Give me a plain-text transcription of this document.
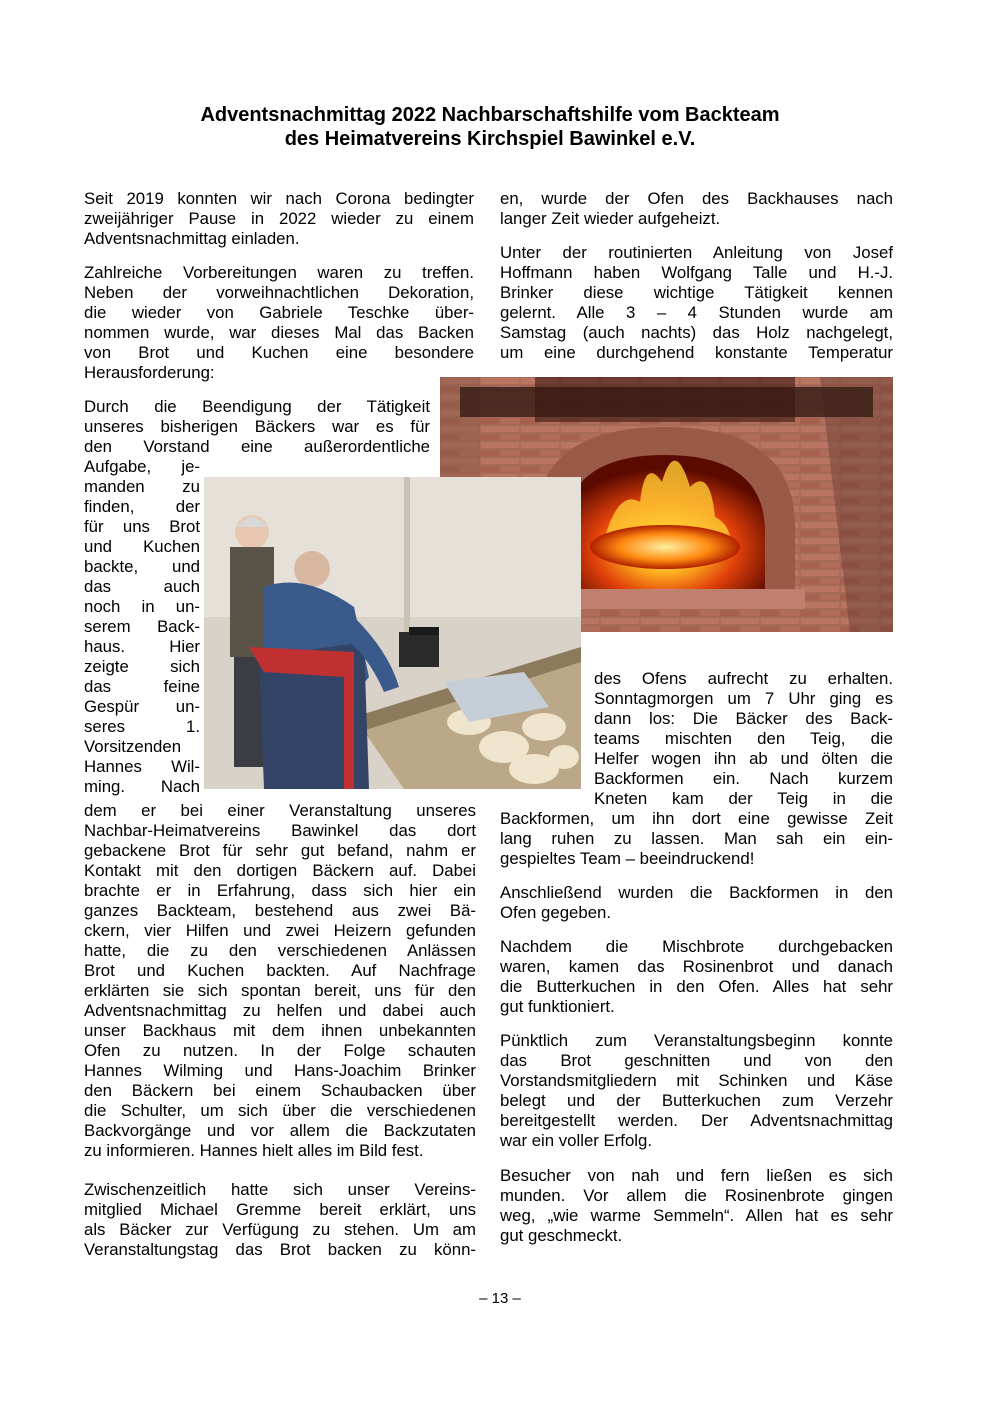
Adventsnachmittag 2022 Nachbarschaftshilfe vom Backteam
des Heimatvereins Kirchspiel Bawinkel e.V.
Seit 2019 konnten wir nach Corona bedingter
zweijähriger Pause in 2022 wieder zu einem
Adventsnachmittag einladen.
Zahlreiche Vorbereitungen waren zu treffen.
Neben der vorweihnachtlichen Dekoration,
die wieder von Gabriele Teschke über-
nommen wurde, war dieses Mal das Backen
von Brot und Kuchen eine besondere
Herausforderung:
Durch die Beendigung der Tätigkeit
unseres bisherigen Bäckers war es für
den Vorstand eine außerordentliche
Aufgabe, je-
manden zu
finden, der
für uns Brot
und Kuchen
backte, und
das auch
noch in un-
serem Back-
haus. Hier
zeigte sich
das feine
Gespür un-
seres 1.
Vorsitzenden
Hannes Wil-
ming. Nach
dem er bei einer Veranstaltung unseres
Nachbar-Heimatvereins Bawinkel das dort
gebackene Brot für sehr gut befand, nahm er
Kontakt mit den dortigen Bäckern auf. Dabei
brachte er in Erfahrung, dass sich hier ein
ganzes Backteam, bestehend aus zwei Bä-
ckern, vier Hilfen und zwei Heizern gefunden
hatte, die zu den verschiedenen Anlässen
Brot und Kuchen backten. Auf Nachfrage
erklärten sie sich spontan bereit, uns für den
Adventsnachmittag zu helfen und dabei auch
unser Backhaus mit dem ihnen unbekannten
Ofen zu nutzen. In der Folge schauten
Hannes Wilming und Hans-Joachim Brinker
den Bäckern bei einem Schaubacken über
die Schulter, um sich über die verschiedenen
Backvorgänge und vor allem die Backzutaten
zu informieren. Hannes hielt alles im Bild fest.
Zwischenzeitlich hatte sich unser Vereins-
mitglied Michael Gremme bereit erklärt, uns
als Bäcker zur Verfügung zu stehen. Um am
Veranstaltungstag das Brot backen zu könn-
en, wurde der Ofen des Backhauses nach
langer Zeit wieder aufgeheizt.
Unter der routinierten Anleitung von Josef
Hoffmann haben Wolfgang Talle und H.-J.
Brinker diese wichtige Tätigkeit kennen
gelernt. Alle 3 – 4 Stunden wurde am
Samstag (auch nachts) das Holz nachgelegt,
um eine durchgehend konstante Temperatur
des Ofens aufrecht zu erhalten.
Sonntagmorgen um 7 Uhr ging es
dann los: Die Bäcker des Back-
teams mischten den Teig, die
Helfer wogen ihn ab und ölten die
Backformen ein. Nach kurzem
Kneten kam der Teig in die
Backformen, um ihn dort eine gewisse Zeit
lang ruhen zu lassen. Man sah ein ein-
gespieltes Team – beeindruckend!
Anschließend wurden die Backformen in den
Ofen gegeben.
Nachdem die Mischbrote durchgebacken
waren, kamen das Rosinenbrot und danach
die Butterkuchen in den Ofen. Alles hat sehr
gut funktioniert.
Pünktlich zum Veranstaltungsbeginn konnte
das Brot geschnitten und von den
Vorstandsmitgliedern mit Schinken und Käse
belegt und der Butterkuchen zum Verzehr
bereitgestellt werden. Der Adventsnachmittag
war ein voller Erfolg.
Besucher von nah und fern ließen es sich
munden. Vor allem die Rosinenbrote gingen
weg, „wie warme Semmeln“. Allen hat es sehr
gut geschmeckt.
– 13 –
